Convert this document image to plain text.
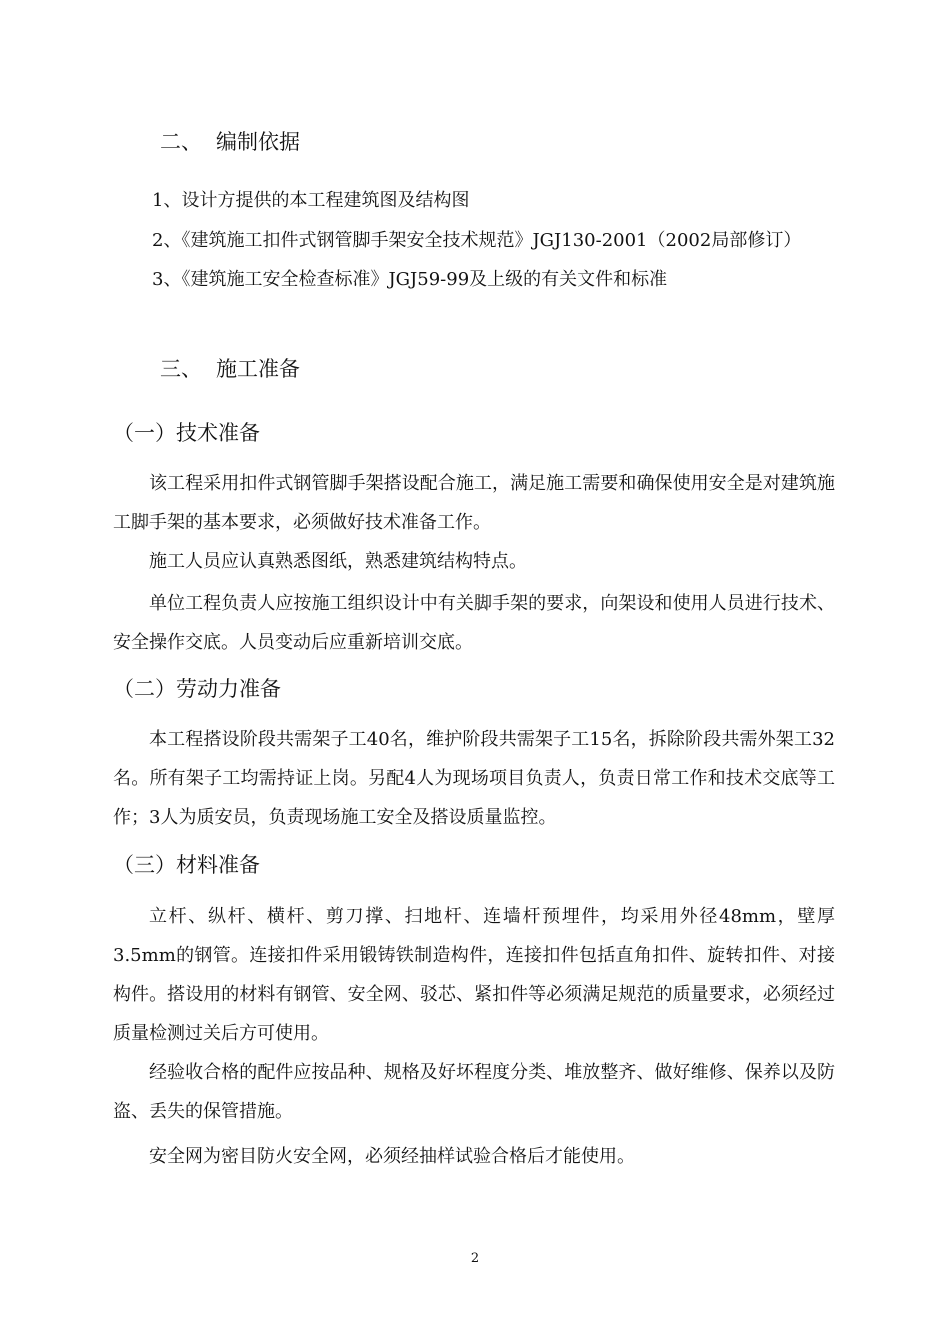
二、 编制依据
1、设计方提供的本工程建筑图及结构图
2、《建筑施工扣件式钢管脚手架安全技术规范》JGJ130-2001（2002局部修订）
3、《建筑施工安全检查标准》JGJ59-99及上级的有关文件和标准
三、 施工准备
（一）技术准备
该工程采用扣件式钢管脚手架搭设配合施工，满足施工需要和确保使用安全是对建筑施工脚手架的基本要求，必须做好技术准备工作。
施工人员应认真熟悉图纸，熟悉建筑结构特点。
单位工程负责人应按施工组织设计中有关脚手架的要求，向架设和使用人员进行技术、安全操作交底。人员变动后应重新培训交底。
（二）劳动力准备
本工程搭设阶段共需架子工40名，维护阶段共需架子工15名，拆除阶段共需外架工32名。所有架子工均需持证上岗。另配4人为现场项目负责人，负责日常工作和技术交底等工作；3人为质安员，负责现场施工安全及搭设质量监控。
（三）材料准备
立杆、纵杆、横杆、剪刀撑、扫地杆、连墙杆预埋件，均采用外径48mm，壁厚3.5mm的钢管。连接扣件采用锻铸铁制造构件，连接扣件包括直角扣件、旋转扣件、对接构件。搭设用的材料有钢管、安全网、驳芯、紧扣件等必须满足规范的质量要求，必须经过质量检测过关后方可使用。
经验收合格的配件应按品种、规格及好坏程度分类、堆放整齐、做好维修、保养以及防盗、丢失的保管措施。
安全网为密目防火安全网，必须经抽样试验合格后才能使用。
2
